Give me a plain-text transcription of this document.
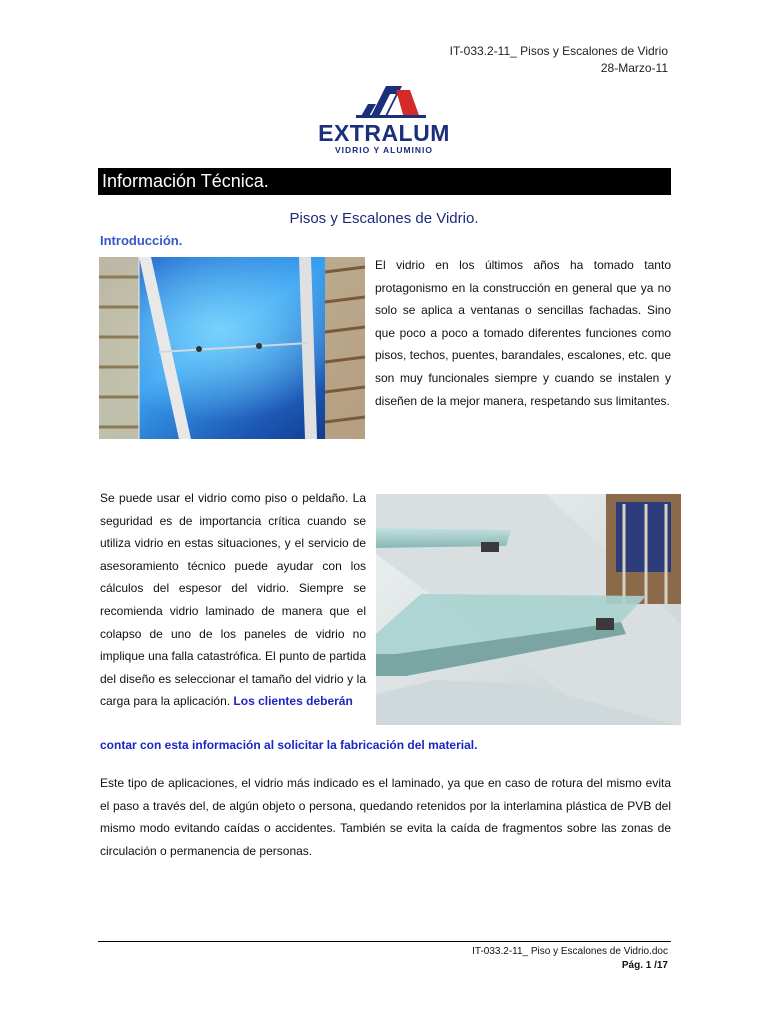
IT-033.2-11_ Pisos y Escalones de Vidrio
28-Marzo-11
EXTRALUM
VIDRIO Y ALUMINIO
Información Técnica.
Pisos y Escalones de Vidrio.
Introducción.
El vidrio en los últimos años ha tomado tanto protagonismo en la construcción en general que ya no solo se aplica a ventanas o sencillas fachadas. Sino que poco a poco a tomado diferentes funciones como pisos, techos, puentes, barandales, escalones, etc. que son muy funcionales siempre y cuando se instalen y diseñen de la mejor manera, respetando sus limitantes.
Se puede usar el vidrio como piso o peldaño. La seguridad es de importancia crítica cuando se utiliza vidrio en estas situaciones, y el servicio de asesoramiento técnico puede ayudar con los cálculos del espesor del vidrio. Siempre se recomienda vidrio laminado de manera que el colapso de uno de los paneles de vidrio no implique una falla catastrófica. El punto de partida del diseño es seleccionar el tamaño del vidrio y la carga para la aplicación. Los clientes deberán
contar con esta información al solicitar la fabricación del material.
Este tipo de aplicaciones, el vidrio más indicado es el laminado, ya que en caso de rotura del mismo evita el paso a través del, de algún objeto o persona, quedando retenidos por la interlamina plástica de PVB del mismo modo evitando caídas o accidentes. También se evita la caída de fragmentos sobre las zonas de circulación o permanencia de personas.
IT-033.2-11_ Piso y Escalones de Vidrio.doc
Pág. 1 /17
